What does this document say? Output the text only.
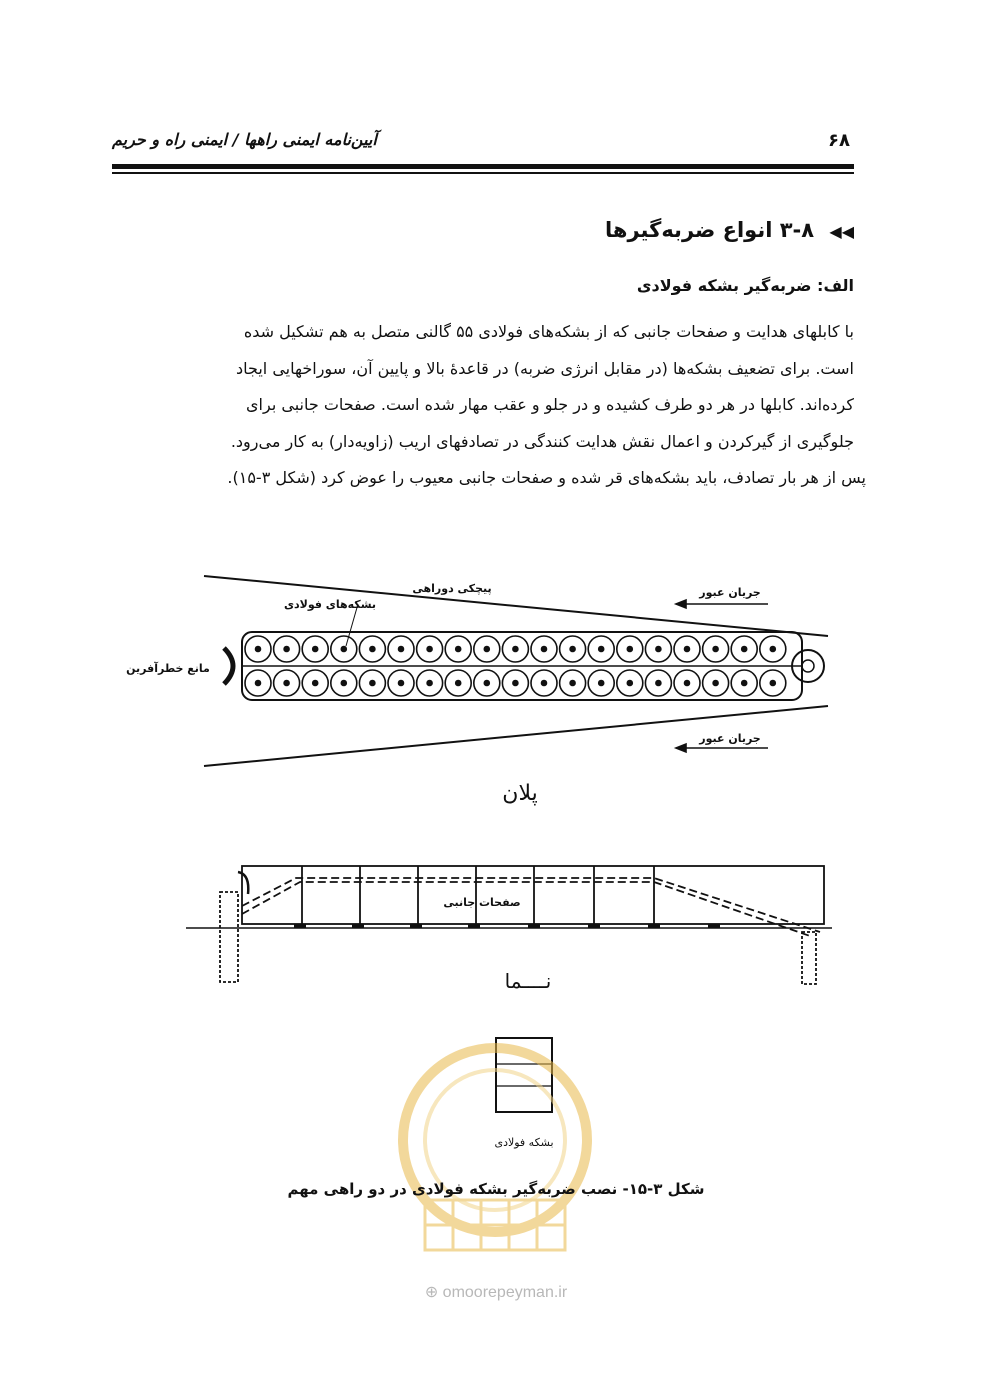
۶۸
آیین‌نامه ایمنی راهها / ایمنی راه و حریم
◀◀ ۳-۸ انواع ضربه‌گیرها
الف: ضربه‌گیر بشکه فولادی
با کابلهای هدایت و صفحات جانبی که از بشکه‌های فولادی ۵۵ گالنی متصل به هم تشکیل شده
است. برای تضعیف بشکه‌ها (در مقابل انرژی ضربه) در قاعدهٔ بالا و پایین آن، سوراخهایی ایجاد
کرده‌اند. کابلها در هر دو طرف کشیده و در جلو و عقب مهار شده است. صفحات جانبی برای
جلوگیری از گیرکردن و اعمال نقش هدایت کنندگی در تصادفهای اریب (زاویه‌دار) به کار می‌رود.
پس از هر بار تصادف، باید بشکه‌های قر شده و صفحات جانبی معیوب را عوض کرد (شکل ۳-۱۵).
پیچکی دوراهی
بشکه‌های فولادی
جریان عبور
جریان عبور
مانع خطرآفرین
پلان
صفحات جانبی
نــــما
بشکه فولادی
شکل ۳-۱۵- نصب ضربه‌گیر بشکه فولادی در دو راهی مهم
⊕ omoorepeyman.ir
